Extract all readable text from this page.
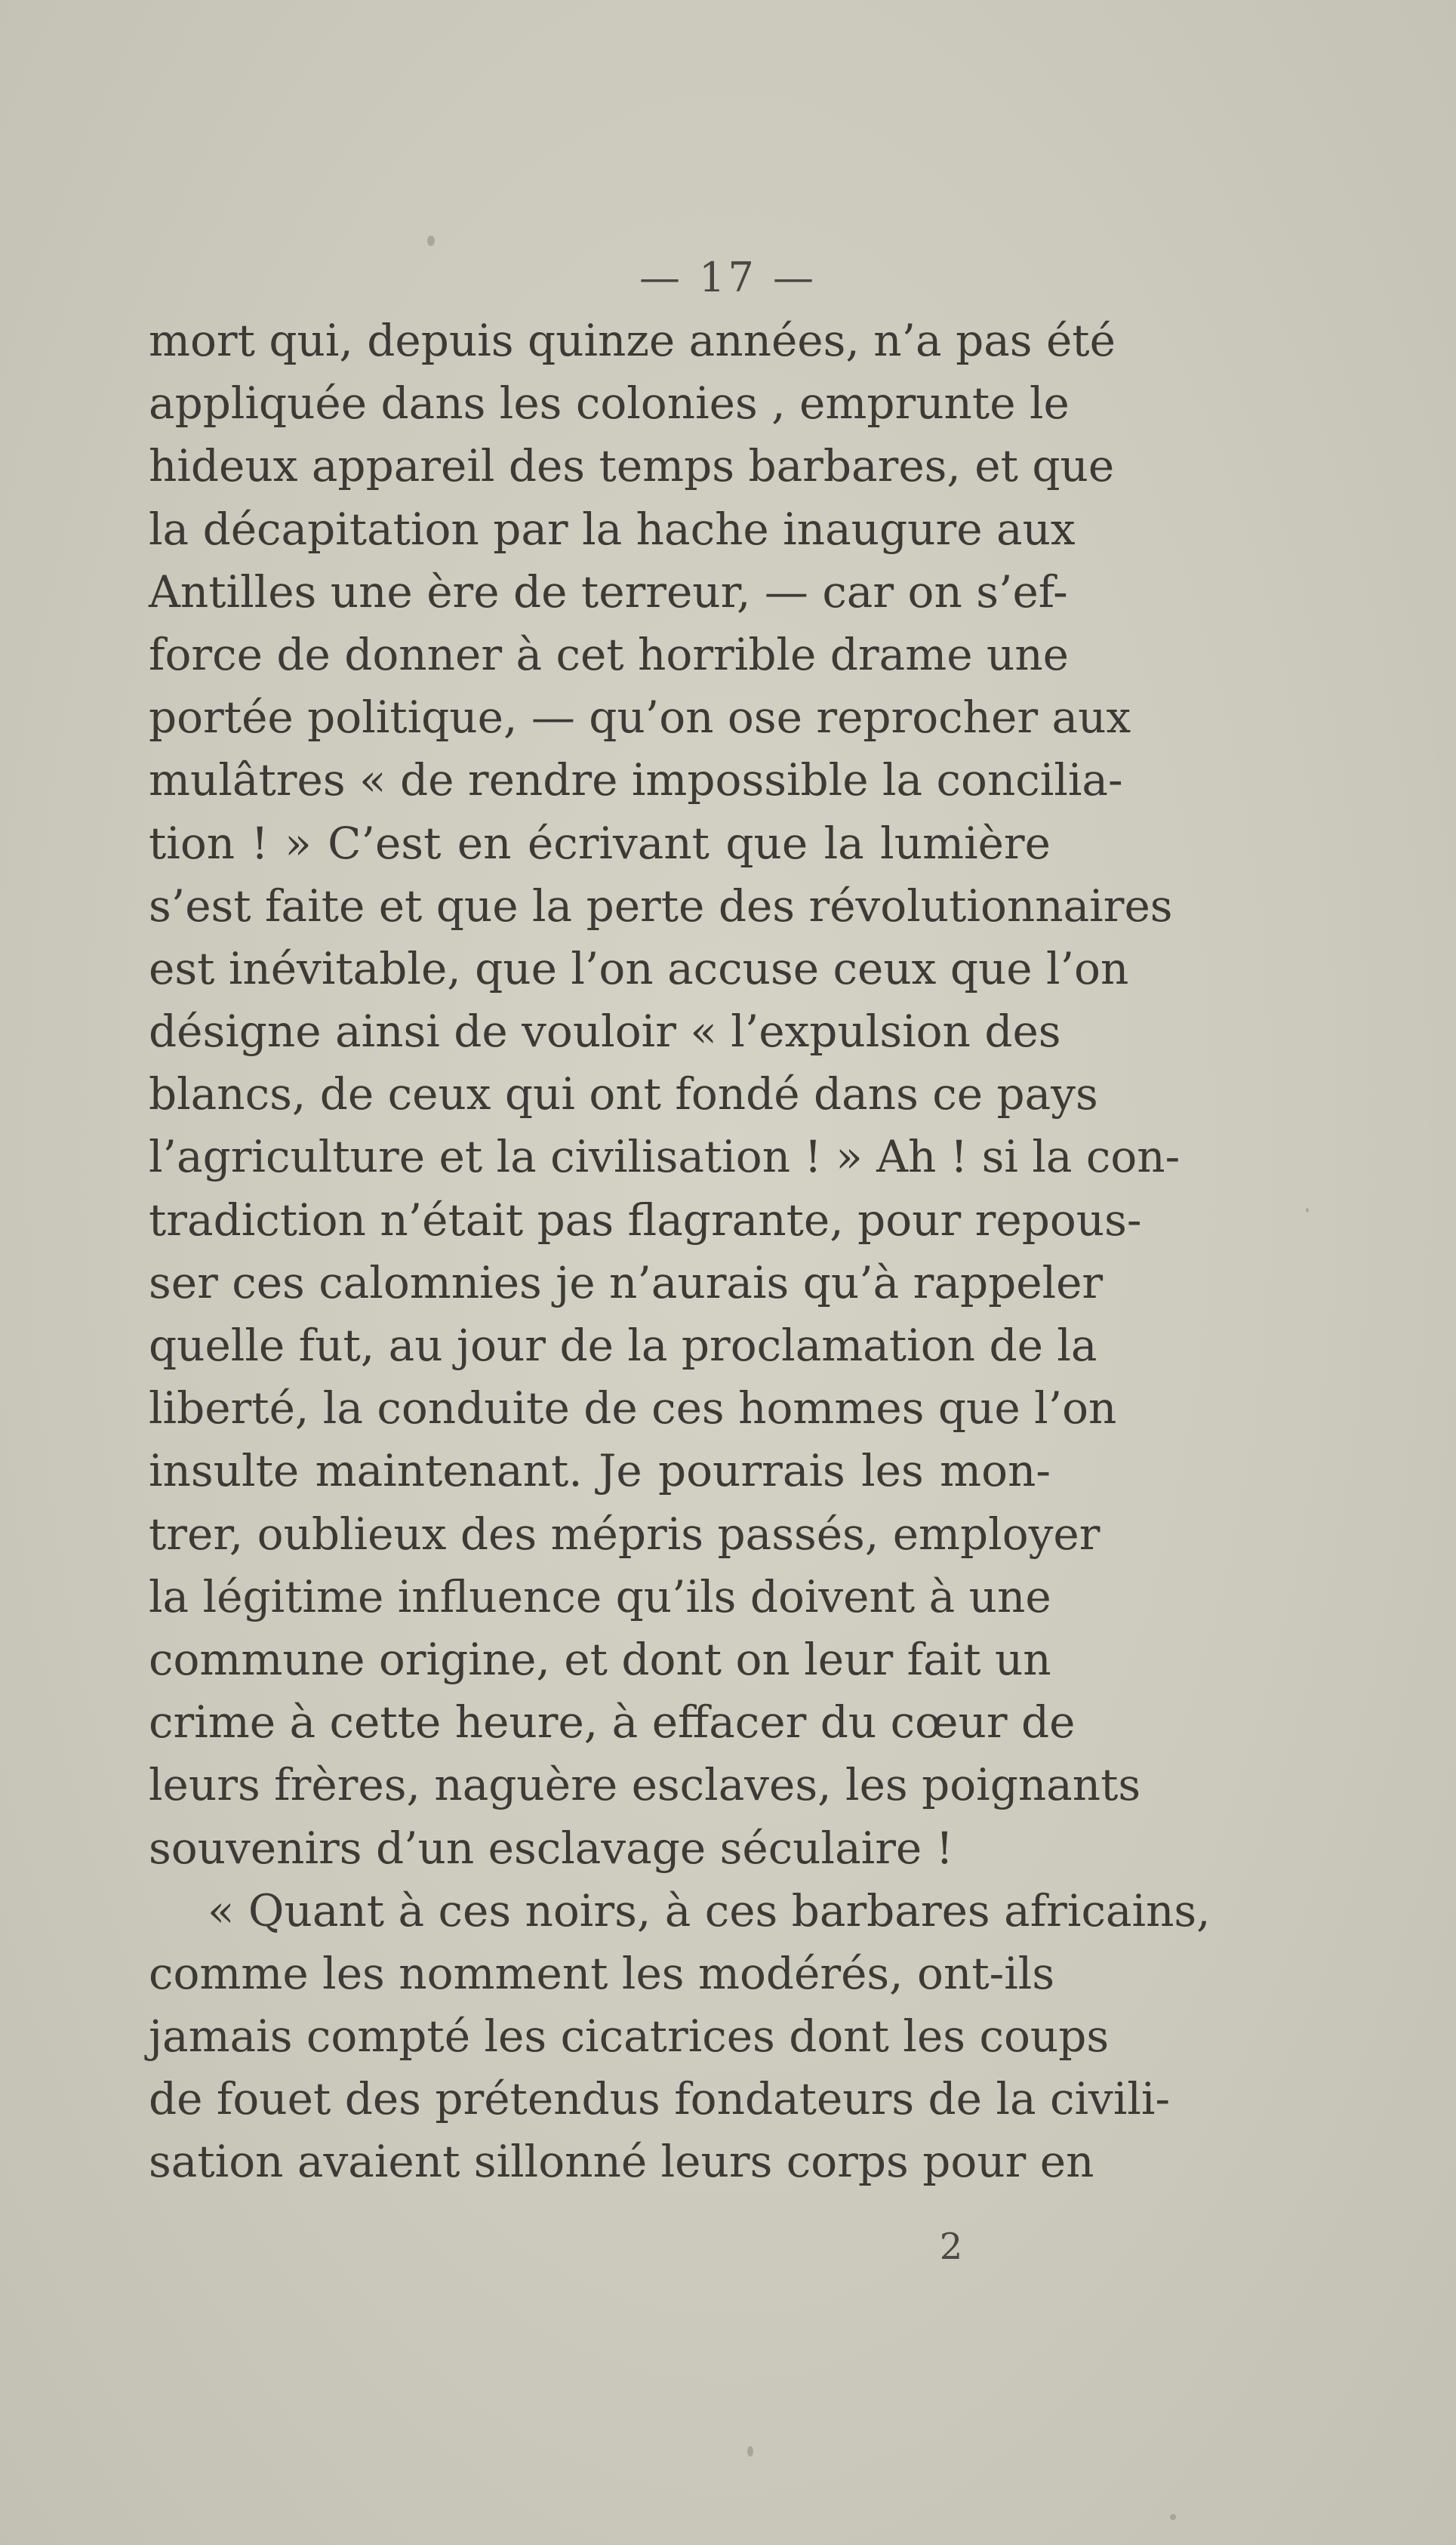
— 17 —
mort qui, depuis quinze années, n’a pas été
appliquée dans les colonies , emprunte le
hideux appareil des temps barbares, et que
la décapitation par la hache inaugure aux
Antilles une ère de terreur, — car on s’ef-
force de donner à cet horrible drame une
portée politique, — qu’on ose reprocher aux
mulâtres « de rendre impossible la concilia-
tion ! » C’est en écrivant que la lumière
s’est faite et que la perte des révolutionnaires
est inévitable, que l’on accuse ceux que l’on
désigne ainsi de vouloir « l’expulsion des
blancs, de ceux qui ont fondé dans ce pays
l’agriculture et la civilisation ! » Ah ! si la con-
tradiction n’était pas flagrante, pour repous-
ser ces calomnies je n’aurais qu’à rappeler
quelle fut, au jour de la proclamation de la
liberté, la conduite de ces hommes que l’on
insulte maintenant. Je pourrais les mon-
trer, oublieux des mépris passés, employer
la légitime influence qu’ils doivent à une
commune origine, et dont on leur fait un
crime à cette heure, à effacer du cœur de
leurs frères, naguère esclaves, les poignants
souvenirs d’un esclavage séculaire !
« Quant à ces noirs, à ces barbares africains,
comme les nomment les modérés, ont-ils
jamais compté les cicatrices dont les coups
de fouet des prétendus fondateurs de la civili-
sation avaient sillonné leurs corps pour en
2
